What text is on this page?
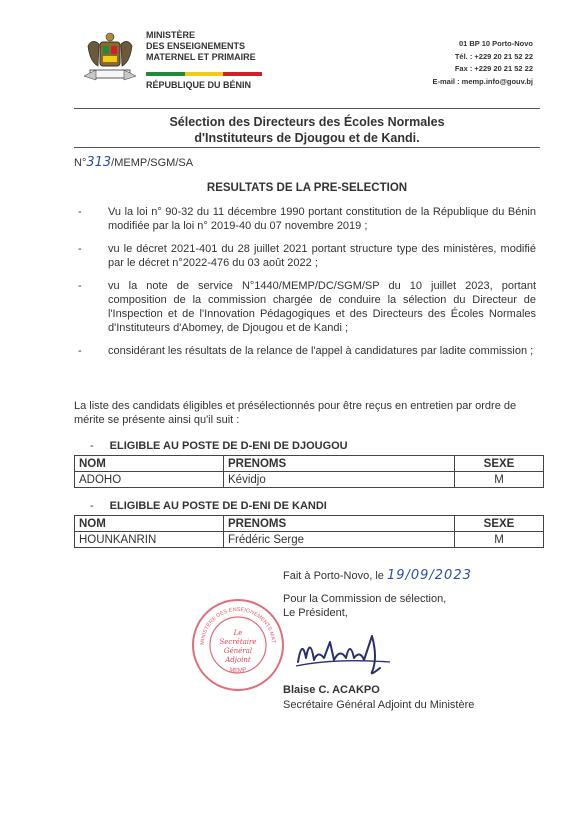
MINISTÈRE
DES ENSEIGNEMENTS
MATERNEL ET PRIMAIRE
RÉPUBLIQUE DU BÉNIN
01 BP 10 Porto-Novo
Tél. : +229 20 21 52 22
Fax : +229 20 21 52 22
E-mail : memp.info@gouv.bj
Sélection des Directeurs des Écoles Normales
d'Instituteurs de Djougou et de Kandi.
N°313/MEMP/SGM/SA
RESULTATS DE LA PRE-SELECTION
-	Vu la loi n° 90-32 du 11 décembre 1990 portant constitution de la République du Bénin modifiée par la loi n° 2019-40 du 07 novembre 2019 ;
-	vu le décret 2021-401 du 28 juillet 2021 portant structure type des ministères, modifié par le décret n°2022-476 du 03 août 2022 ;
-	vu la note de service N°1440/MEMP/DC/SGM/SP du 10 juillet 2023, portant composition de la commission chargée de conduire la sélection du Directeur de l'Inspection et de l'Innovation Pédagogiques et des Directeurs des Écoles Normales d'Instituteurs d'Abomey, de Djougou et de Kandi ;
-	considérant les résultats de la relance de l'appel à candidatures par ladite commission ;
La liste des candidats éligibles et présélectionnés pour être reçus en entretien par ordre de mérite se présente ainsi qu'il suit :
- ELIGIBLE AU POSTE DE D-ENI DE DJOUGOU
NOM	PRENOMS	SEXE
ADOHO	Kévidjo	M
- ELIGIBLE AU POSTE DE D-ENI DE KANDI
NOM	PRENOMS	SEXE
HOUNKANRIN	Frédéric Serge	M
Fait à Porto-Novo, le 19/09/2023
Pour la Commission de sélection,
Le Président,
MINISTÈRE DES ENSEIGNEMENTS MAT
MEMP
Le
Secrétaire
Général
Adjoint
Blaise C. ACAKPO
Secrétaire Général Adjoint du Ministère
